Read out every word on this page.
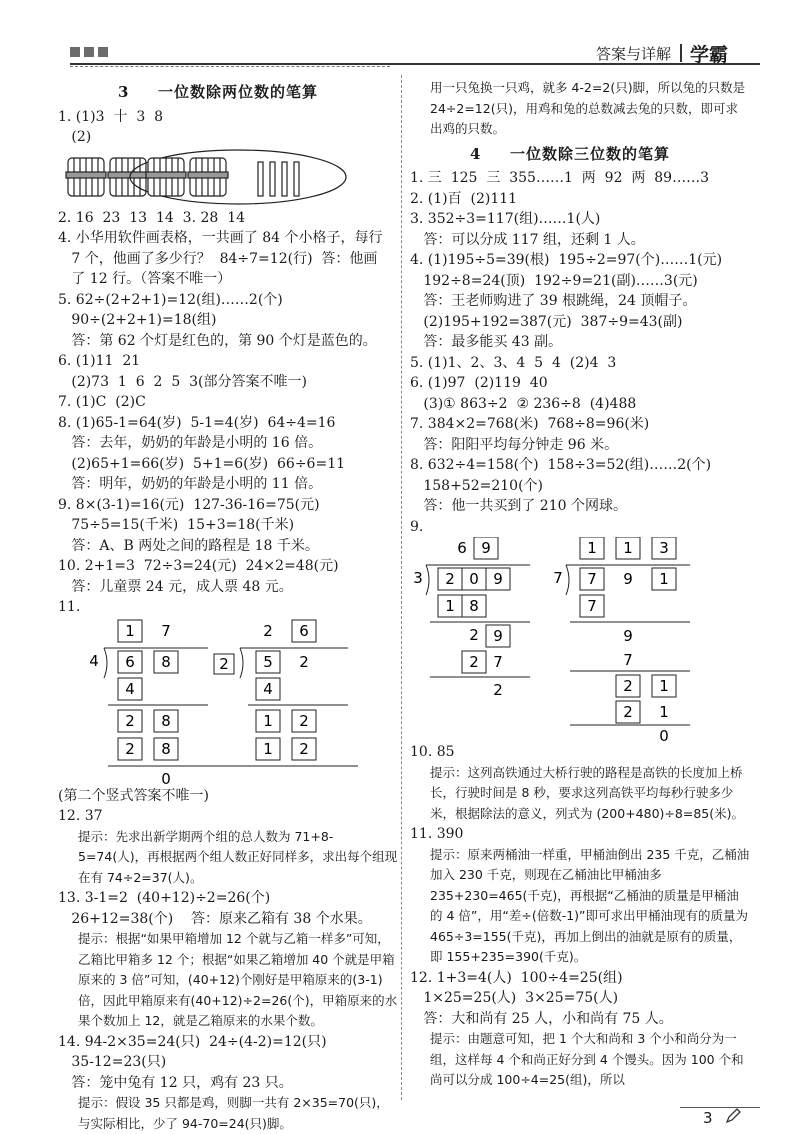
答案与详解 学霸
3 一位数除两位数的笔算
1. (1)3  十  3  8
(2)
2. 16  23  13  14  3. 28  14
4. 小华用软件画表格，一共画了 84 个小格子，每行
7 个，他画了多少行？  84÷7=12(行)  答：他画
了 12 行。（答案不唯一）
5. 62÷(2+2+1)=12(组)……2(个)
90÷(2+2+1)=18(组)
答：第 62 个灯是红色的，第 90 个灯是蓝色的。
6. (1)11  21
(2)73  1  6  2  5  3(部分答案不唯一)
7. (1)C  (2)C
8. (1)65-1=64(岁)  5-1=4(岁)  64÷4=16
答：去年，奶奶的年龄是小明的 16 倍。
(2)65+1=66(岁)  5+1=6(岁)  66÷6=11
答：明年，奶奶的年龄是小明的 11 倍。
9. 8×(3-1)=16(元)  127-36-16=75(元)
75÷5=15(千米)  15+3=18(千米)
答：A、B 两处之间的路程是 18 千米。
10. 2+1=3  72÷3=24(元)  24×2=48(元)
答：儿童票 24 元，成人票 48 元。
11.
1 7
4 6 8
4
2 8
2 8
0
2 6
2 5 2
4
1 2
1 2
(第二个竖式答案不唯一)
12. 37
提示：先求出新学期两个组的总人数为 71+8-5=74(人)，再根据两个组人数正好同样多，求出每个组现在有 74÷2=37(人)。
13. 3-1=2  (40+12)÷2=26(个)
26+12=38(个)    答：原来乙箱有 38 个水果。
提示：根据“如果甲箱增加 12 个就与乙箱一样多”可知，乙箱比甲箱多 12 个；根据“如果乙箱增加 40 个就是甲箱原来的 3 倍”可知，(40+12)个刚好是甲箱原来的(3-1)倍，因此甲箱原来有(40+12)÷2=26(个)，甲箱原来的水果个数加上 12，就是乙箱原来的水果个数。
14. 94-2×35=24(只)  24÷(4-2)=12(只)
35-12=23(只)
答：笼中兔有 12 只，鸡有 23 只。
提示：假设 35 只都是鸡，则脚一共有 2×35=70(只)，与实际相比，少了 94-70=24(只)脚。
用一只兔换一只鸡，就多 4-2=2(只)脚，所以兔的只数是 24÷2=12(只)，用鸡和兔的总数减去兔的只数，即可求出鸡的只数。
4 一位数除三位数的笔算
1. 三  125  三  355……1  两  92  两  89……3
2. (1)百  (2)111
3. 352÷3=117(组)……1(人)
答：可以分成 117 组，还剩 1 人。
4. (1)195÷5=39(根)  195÷2=97(个)……1(元)
192÷8=24(顶)  192÷9=21(副)……3(元)
答：王老师购进了 39 根跳绳，24 顶帽子。
(2)195+192=387(元)  387÷9=43(副)
答：最多能买 43 副。
5. (1)1、2、3、4  5  4  (2)4  3
6. (1)97  (2)119  40
(3)① 863÷2  ② 236÷8  (4)488
7. 384×2=768(米)  768÷8=96(米)
答：阳阳平均每分钟走 96 米。
8. 632÷4=158(个)  158÷3=52(组)……2(个)
158+52=210(个)
答：他一共买到了 210 个网球。
9.
6 9
3 2 0 9
1 8
2 9
2 7
2
1 1 3
7 7 9 1
7
9
7
2 1
2 1
0
10. 85
提示：这列高铁通过大桥行驶的路程是高铁的长度加上桥长，行驶时间是 8 秒，要求这列高铁平均每秒行驶多少米，根据除法的意义，列式为 (200+480)÷8=85(米)。
11. 390
提示：原来两桶油一样重，甲桶油倒出 235 千克，乙桶油加入 230 千克，则现在乙桶油比甲桶油多 235+230=465(千克)，再根据“乙桶油的质量是甲桶油的 4 倍”，用“差÷(倍数-1)”即可求出甲桶油现有的质量为 465÷3=155(千克)，再加上倒出的油就是原有的质量，即 155+235=390(千克)。
12. 1+3=4(人)  100÷4=25(组)
1×25=25(人)  3×25=75(人)
答：大和尚有 25 人，小和尚有 75 人。
提示：由题意可知，把 1 个大和尚和 3 个小和尚分为一组，这样每 4 个和尚正好分到 4 个馒头。因为 100 个和尚可以分成 100÷4=25(组)，所以
3
